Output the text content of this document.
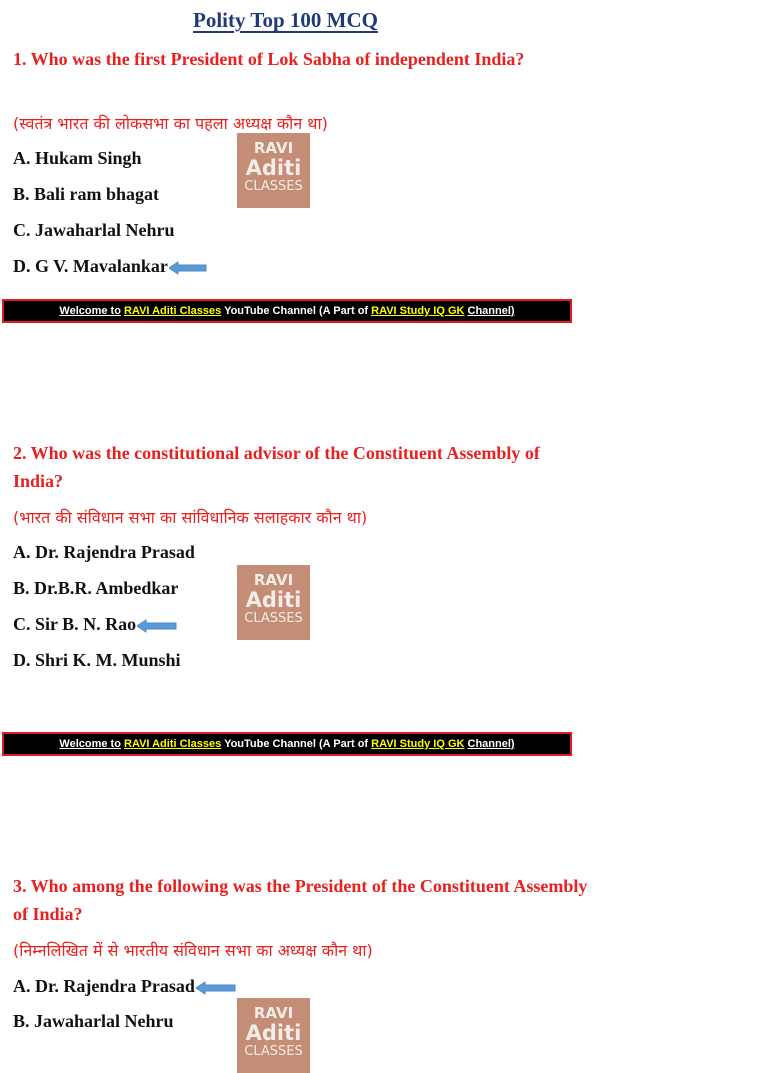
Polity Top 100 MCQ
1. Who was the first President of Lok Sabha of independent India?
(स्वतंत्र भारत की लोकसभा का पहला अध्यक्ष कौन था)
A. Hukam Singh
B. Bali ram bhagat
C. Jawaharlal Nehru
D. G V. Mavalankar
RAVI
Aditi
CLASSES
Welcome to RAVI Aditi Classes YouTube Channel (A Part of RAVI Study IQ GK Channel)
2. Who was the constitutional advisor of the Constituent Assembly of India?
(भारत की संविधान सभा का सांविधानिक सलाहकार कौन था)
A. Dr. Rajendra Prasad
B. Dr.B.R. Ambedkar
C. Sir B. N. Rao
D. Shri K. M. Munshi
RAVI
Aditi
CLASSES
Welcome to RAVI Aditi Classes YouTube Channel (A Part of RAVI Study IQ GK Channel)
3. Who among the following was the President of the Constituent Assembly of India?
(निम्नलिखित में से भारतीय संविधान सभा का अध्यक्ष कौन था)
A. Dr. Rajendra Prasad
B. Jawaharlal Nehru	RAVI
Aditi
CLASSES
